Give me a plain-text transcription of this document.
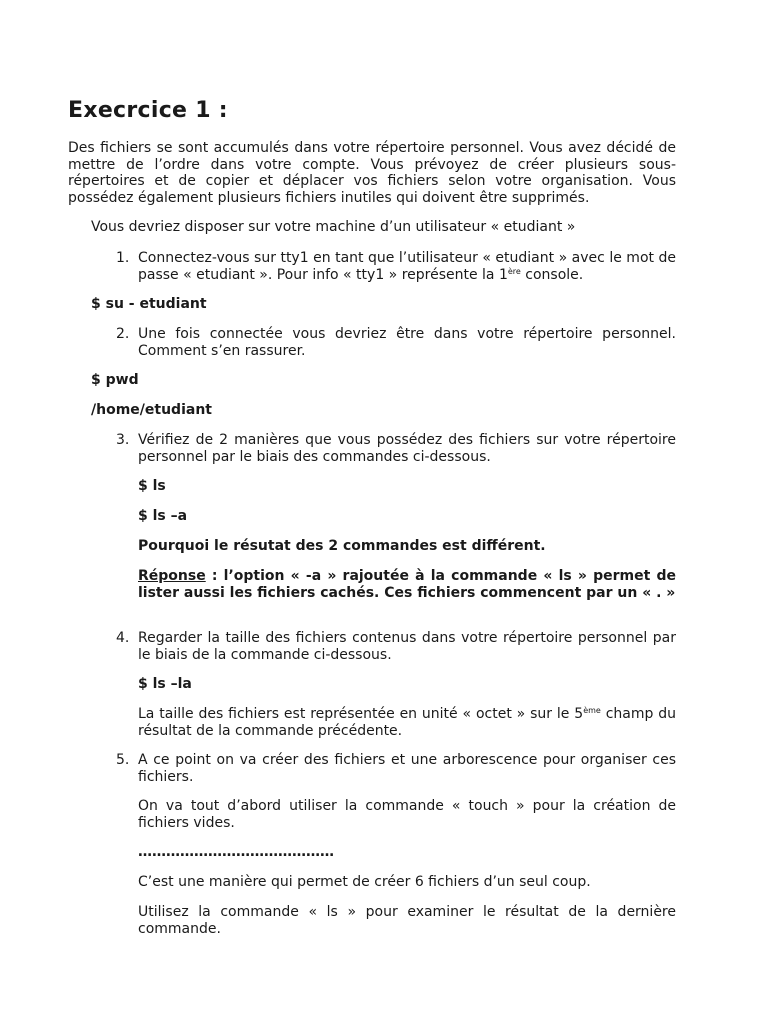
Execrcice 1 :

Des fichiers se sont accumulés dans votre répertoire personnel. Vous avez décidé de mettre de l’ordre dans votre compte. Vous prévoyez de créer plusieurs sous-répertoires et de copier et déplacer vos fichiers selon votre organisation. Vous possédez également plusieurs fichiers inutiles qui doivent être supprimés.

Vous devriez disposer sur votre machine d’un utilisateur « etudiant »

1. Connectez-vous sur tty1 en tant que l’utilisateur « etudiant » avec le mot de passe « etudiant ». Pour info « tty1 » représente la 1ère console.

$ su - etudiant

2. Une fois connectée vous devriez être dans votre répertoire personnel. Comment s’en rassurer.

$ pwd

/home/etudiant

3. Vérifiez de 2 manières que vous possédez des fichiers sur votre répertoire personnel par le biais des commandes ci-dessous.

$ ls

$ ls –a

Pourquoi le résutat des 2 commandes est différent.

Réponse : l’option « -a » rajoutée à la commande « ls » permet de lister aussi les fichiers cachés. Ces fichiers commencent par un « . »

4. Regarder la taille des fichiers contenus dans votre répertoire personnel par le biais de la commande ci-dessous.

$ ls –la

La taille des fichiers est représentée en unité « octet » sur le 5ème champ du résultat de la commande précédente.

5. A ce point on va créer des fichiers et une arborescence pour organiser ces fichiers.

On va tout d’abord utiliser la commande « touch » pour la création de fichiers vides.

……………………………………

C’est une manière qui permet de créer 6 fichiers d’un seul coup.

Utilisez la commande « ls » pour examiner le résultat de la dernière commande.
